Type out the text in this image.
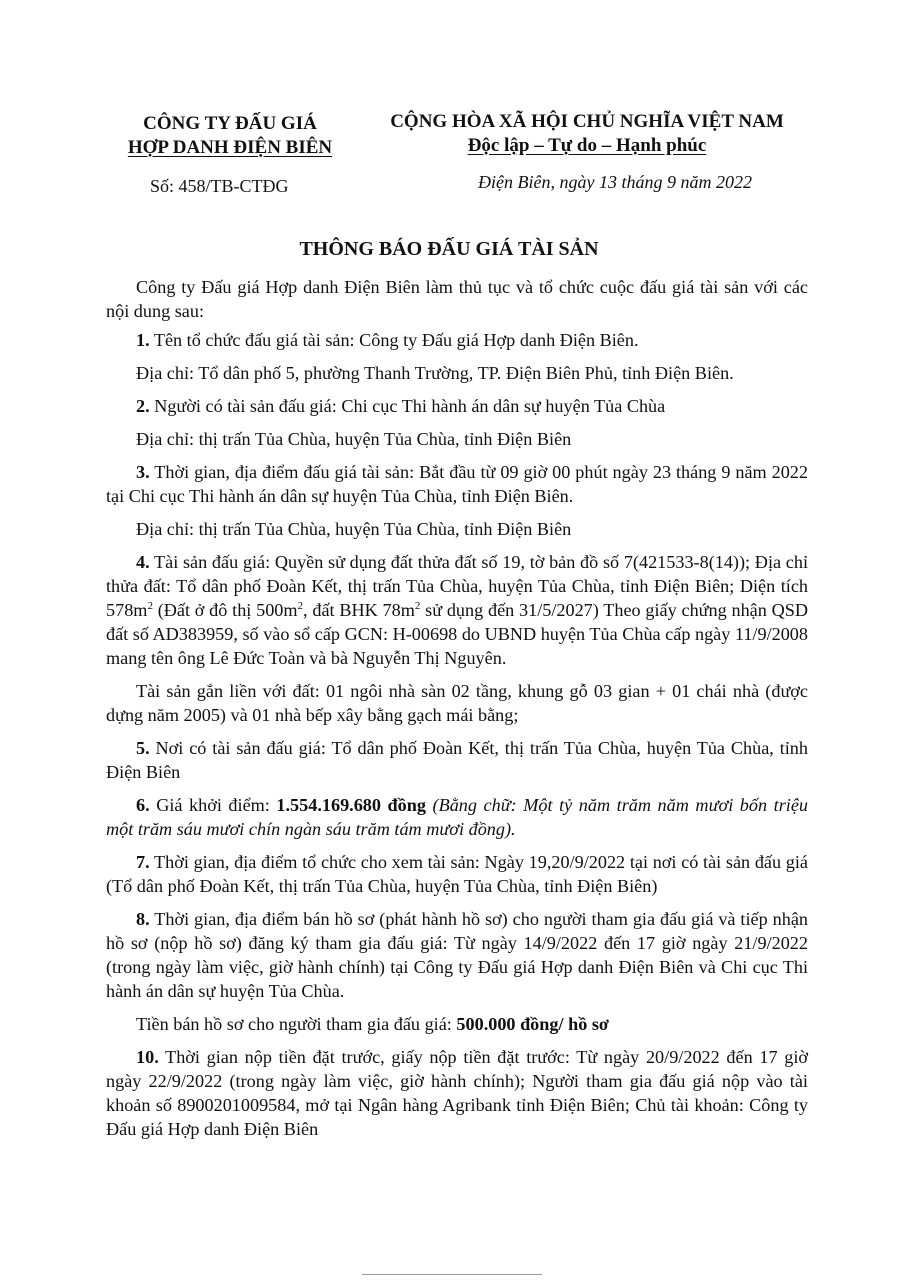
CÔNG TY ĐẤU GIÁ
HỢP DANH ĐIỆN BIÊN
CỘNG HÒA XÃ HỘI CHỦ NGHĨA VIỆT NAM
Độc lập – Tự do – Hạnh phúc
Số: 458/TB-CTĐG	Điện Biên, ngày 13 tháng 9 năm 2022
THÔNG BÁO ĐẤU GIÁ TÀI SẢN

Công ty Đấu giá Hợp danh Điện Biên làm thủ tục và tổ chức cuộc đấu giá tài sản với các nội dung sau:

1. Tên tổ chức đấu giá tài sản: Công ty Đấu giá Hợp danh Điện Biên.

Địa chỉ: Tổ dân phố 5, phường Thanh Trường, TP. Điện Biên Phủ, tỉnh Điện Biên.

2. Người có tài sản đấu giá: Chi cục Thi hành án dân sự huyện Tủa Chùa

Địa chỉ: thị trấn Tủa Chùa, huyện Tủa Chùa, tỉnh Điện Biên

3. Thời gian, địa điểm đấu giá tài sản: Bắt đầu từ 09 giờ 00 phút ngày 23 tháng 9 năm 2022 tại Chi cục Thi hành án dân sự huyện Tủa Chùa, tỉnh Điện Biên.

Địa chỉ: thị trấn Tủa Chùa, huyện Tủa Chùa, tỉnh Điện Biên

4. Tài sản đấu giá: Quyền sử dụng đất thửa đất số 19, tờ bản đồ số 7(421533-8(14)); Địa chỉ thửa đất: Tổ dân phố Đoàn Kết, thị trấn Tủa Chùa, huyện Tủa Chùa, tỉnh Điện Biên; Diện tích $578m^2$ (Đất ở đô thị $500m^2$, đất BHK $78m^2$ sử dụng đến 31/5/2027) Theo giấy chứng nhận QSD đất số AD383959, số vào sổ cấp GCN: H-00698 do UBND huyện Tủa Chùa cấp ngày 11/9/2008 mang tên ông Lê Đức Toàn và bà Nguyễn Thị Nguyên.

Tài sản gắn liền với đất: 01 ngôi nhà sàn 02 tầng, khung gỗ 03 gian + 01 chái nhà (được dựng năm 2005) và 01 nhà bếp xây bằng gạch mái bằng;

5. Nơi có tài sản đấu giá: Tổ dân phố Đoàn Kết, thị trấn Tủa Chùa, huyện Tủa Chùa, tỉnh Điện Biên

6. Giá khởi điểm: 1.554.169.680 đồng (Bằng chữ: Một tỷ năm trăm năm mươi bốn triệu một trăm sáu mươi chín ngàn sáu trăm tám mươi đồng).

7. Thời gian, địa điểm tổ chức cho xem tài sản: Ngày 19,20/9/2022 tại nơi có tài sản đấu giá (Tổ dân phố Đoàn Kết, thị trấn Tủa Chùa, huyện Tủa Chùa, tỉnh Điện Biên)

8. Thời gian, địa điểm bán hồ sơ (phát hành hồ sơ) cho người tham gia đấu giá và tiếp nhận hồ sơ (nộp hồ sơ) đăng ký tham gia đấu giá: Từ ngày 14/9/2022 đến 17 giờ ngày 21/9/2022 (trong ngày làm việc, giờ hành chính) tại Công ty Đấu giá Hợp danh Điện Biên và Chi cục Thi hành án dân sự huyện Tủa Chùa.

Tiền bán hồ sơ cho người tham gia đấu giá: 500.000 đồng/ hồ sơ

10. Thời gian nộp tiền đặt trước, giấy nộp tiền đặt trước: Từ ngày 20/9/2022 đến 17 giờ ngày 22/9/2022 (trong ngày làm việc, giờ hành chính); Người tham gia đấu giá nộp vào tài khoản số 8900201009584, mở tại Ngân hàng Agribank tỉnh Điện Biên; Chủ tài khoản: Công ty Đấu giá Hợp danh Điện Biên
